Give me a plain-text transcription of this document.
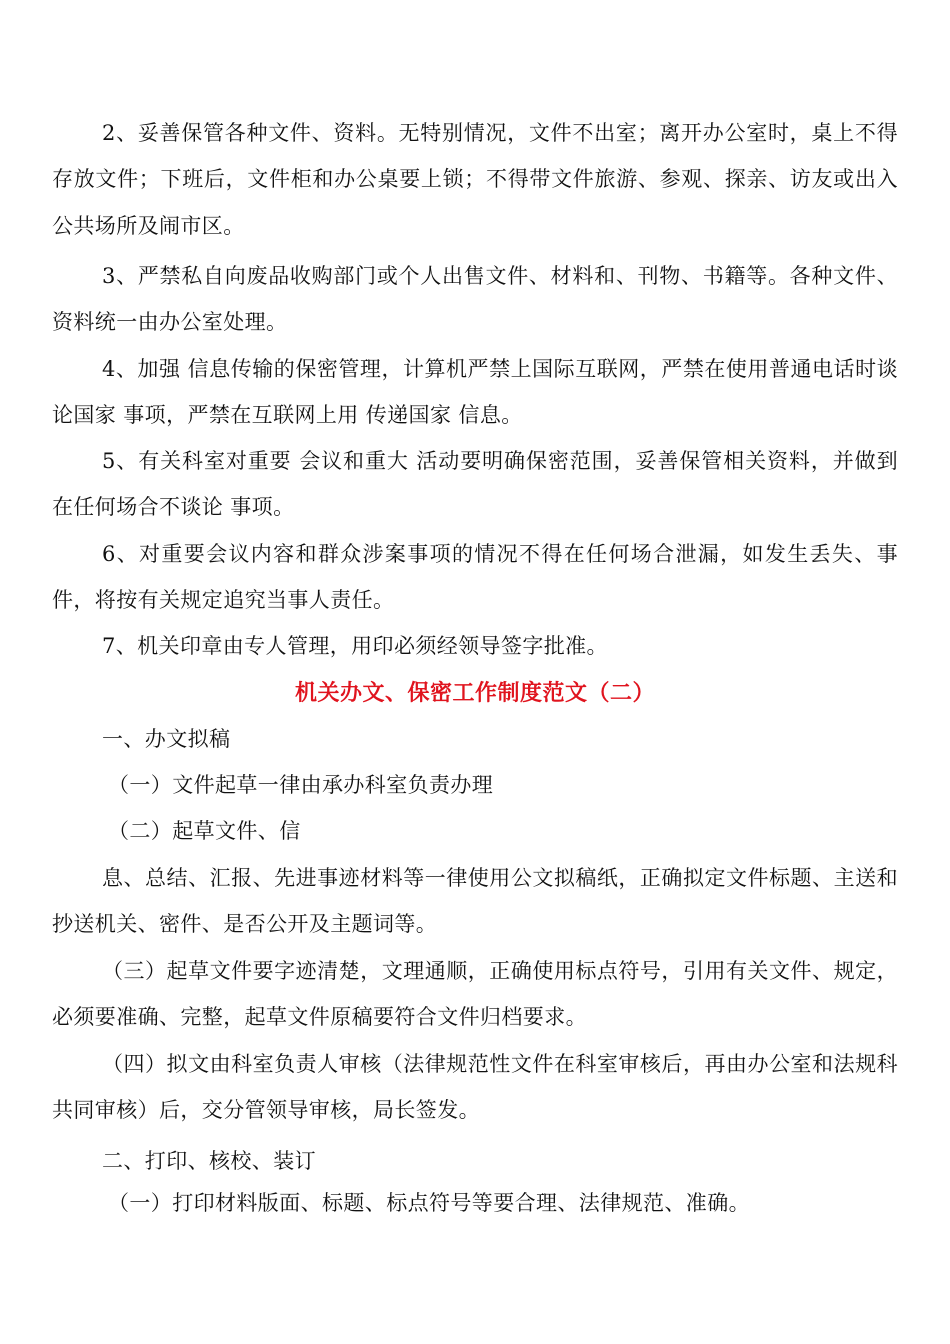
2、妥善保管各种文件、资料。无特别情况，文件不出室；离开办公室时，桌上不得存放文件；下班后，文件柜和办公桌要上锁；不得带文件旅游、参观、探亲、访友或出入公共场所及闹市区。

3、严禁私自向废品收购部门或个人出售文件、材料和、刊物、书籍等。各种文件、资料统一由办公室处理。

4、加强 信息传输的保密管理，计算机严禁上国际互联网，严禁在使用普通电话时谈论国家 事项，严禁在互联网上用 传递国家 信息。

5、有关科室对重要 会议和重大 活动要明确保密范围，妥善保管相关资料，并做到在任何场合不谈论 事项。

6、对重要会议内容和群众涉案事项的情况不得在任何场合泄漏，如发生丢失、事件，将按有关规定追究当事人责任。

7、机关印章由专人管理，用印必须经领导签字批准。

机关办文、保密工作制度范文（二）

一、办文拟稿

（一）文件起草一律由承办科室负责办理

（二）起草文件、信

息、总结、汇报、先进事迹材料等一律使用公文拟稿纸，正确拟定文件标题、主送和抄送机关、密件、是否公开及主题词等。

（三）起草文件要字迹清楚，文理通顺，正确使用标点符号，引用有关文件、规定，必须要准确、完整，起草文件原稿要符合文件归档要求。

（四）拟文由科室负责人审核（法律规范性文件在科室审核后，再由办公室和法规科共同审核）后，交分管领导审核，局长签发。

二、打印、核校、装订

（一）打印材料版面、标题、标点符号等要合理、法律规范、准确。
